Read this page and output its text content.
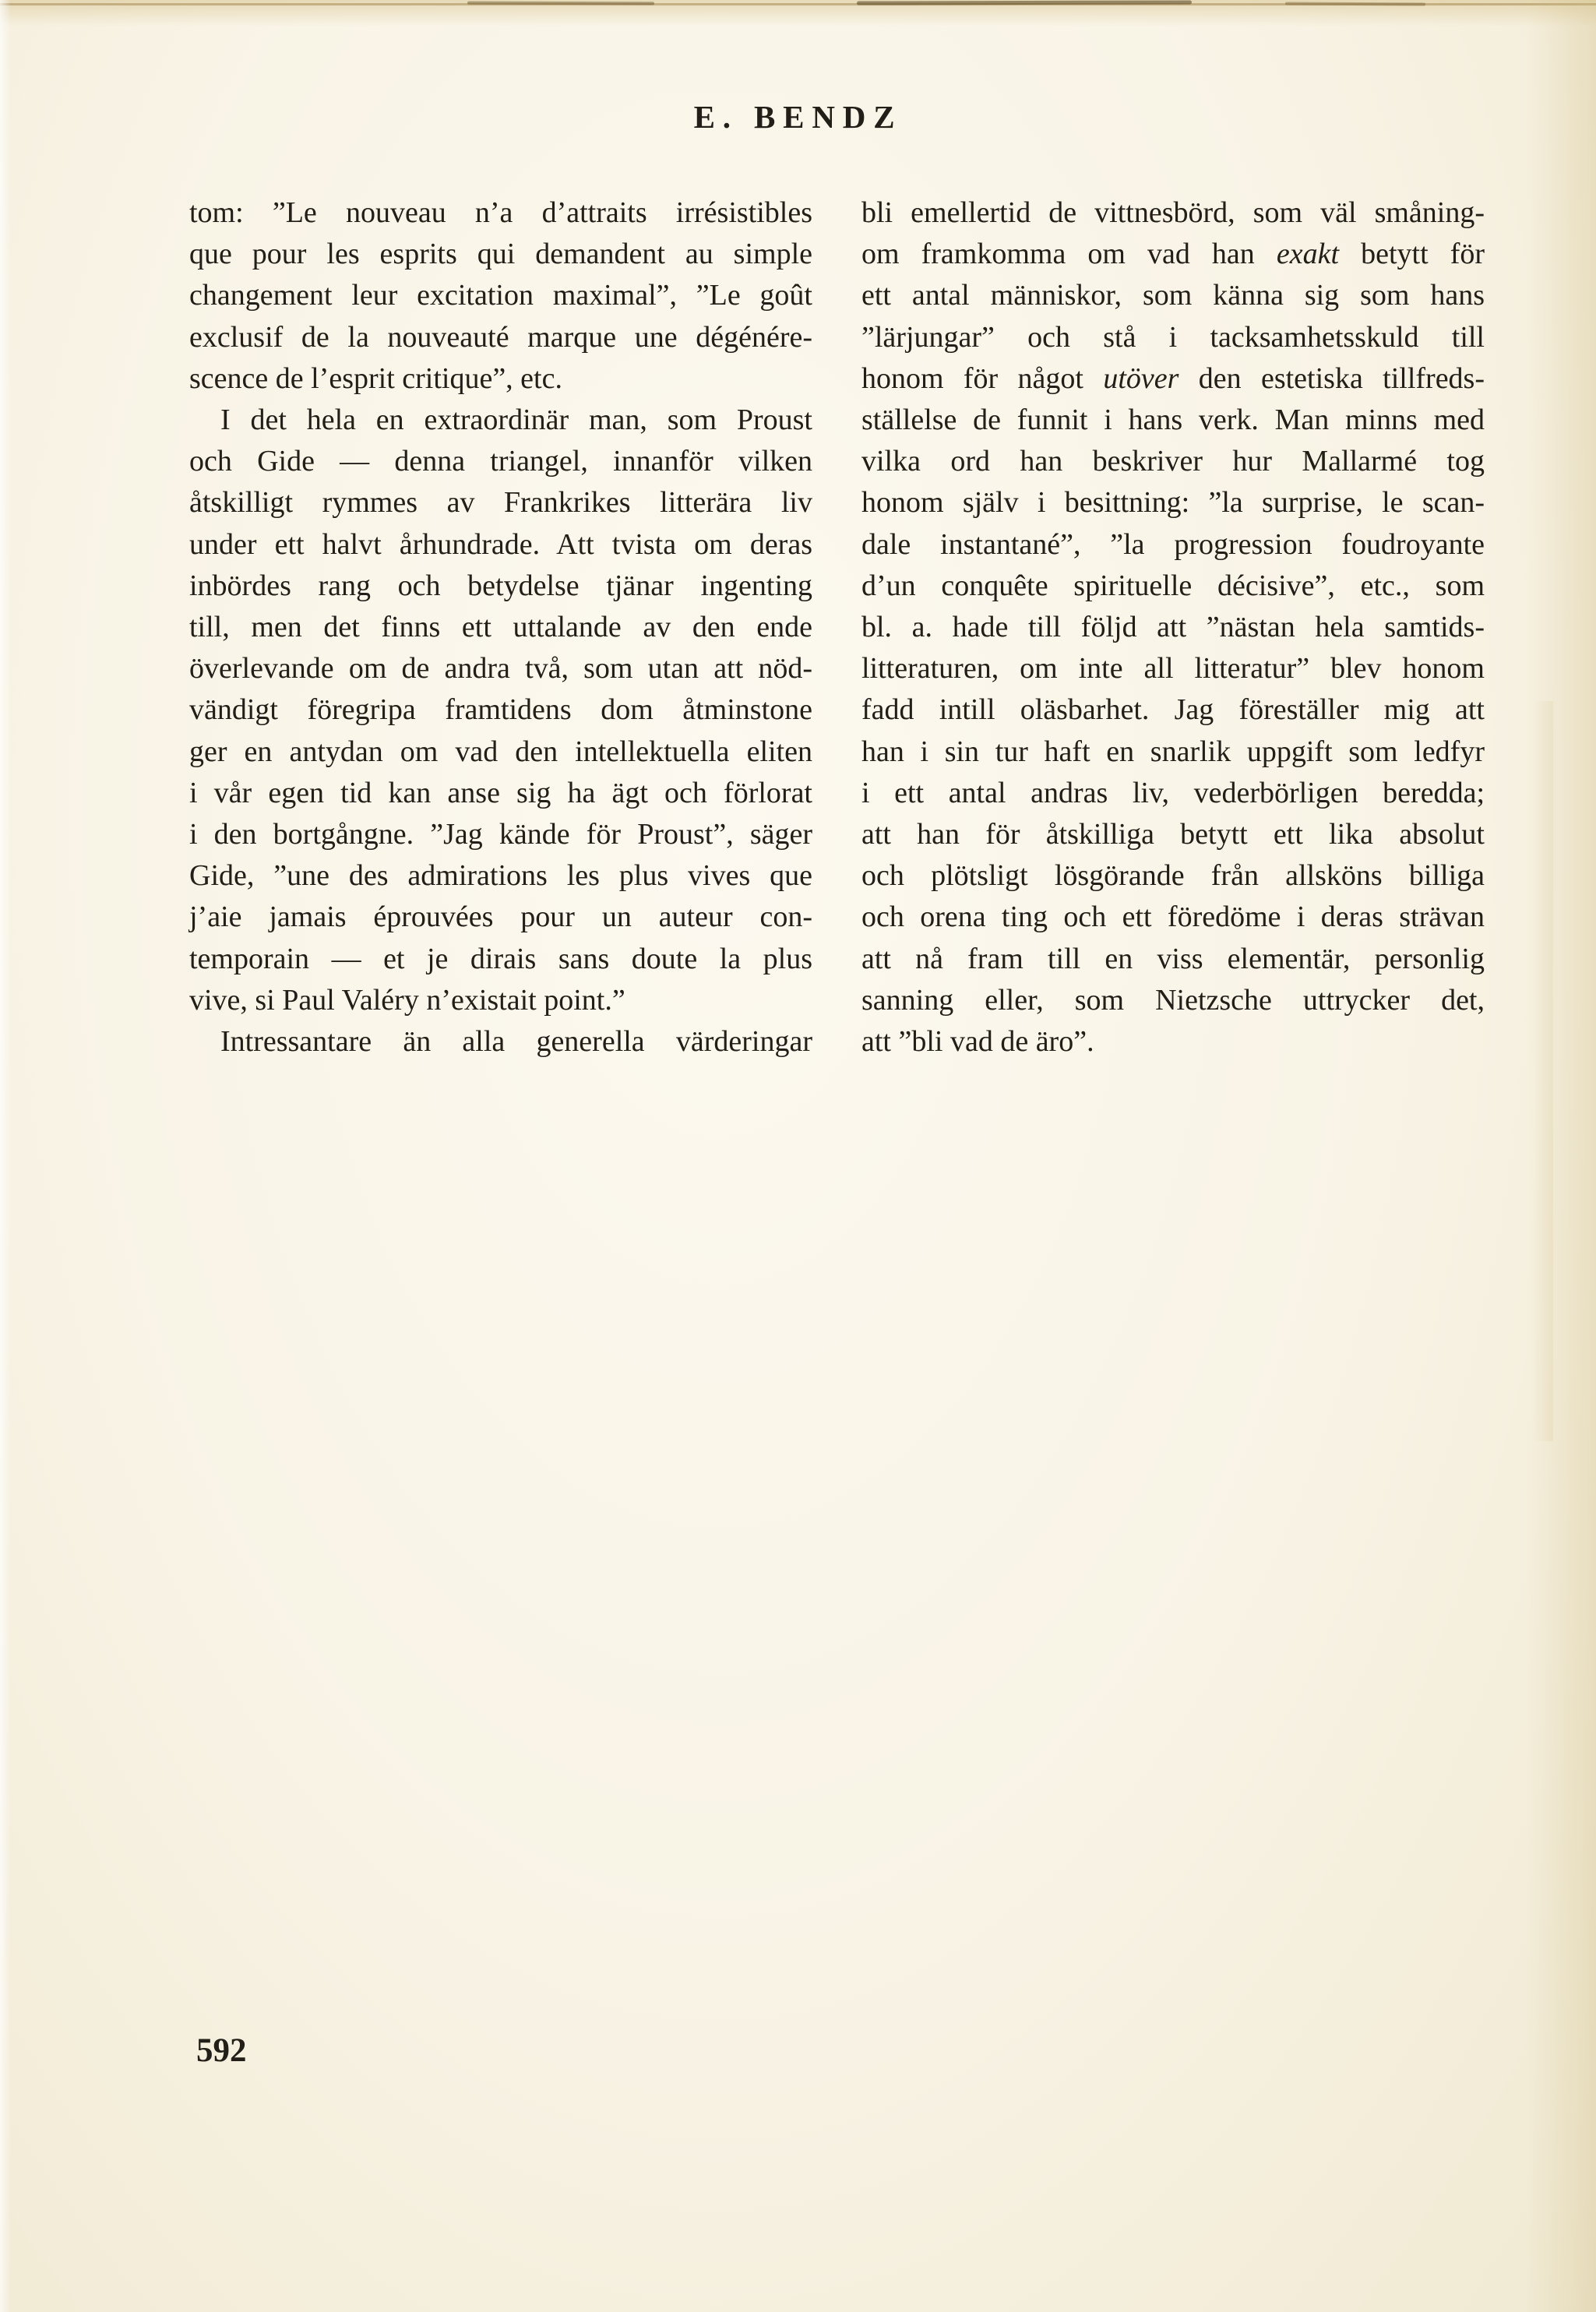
E. BENDZ
tom: ”Le nouveau n’a d’attraits irrésistibles
que pour les esprits qui demandent au simple
changement leur excitation maximal”, ”Le goût
exclusif de la nouveauté marque une dégénére-
scence de l’esprit critique”, etc.
I det hela en extraordinär man, som Proust
och Gide — denna triangel, innanför vilken
åtskilligt rymmes av Frankrikes litterära liv
under ett halvt århundrade. Att tvista om deras
inbördes rang och betydelse tjänar ingenting
till, men det finns ett uttalande av den ende
överlevande om de andra två, som utan att nöd-
vändigt föregripa framtidens dom åtminstone
ger en antydan om vad den intellektuella eliten
i vår egen tid kan anse sig ha ägt och förlorat
i den bortgångne. ”Jag kände för Proust”, säger
Gide, ”une des admirations les plus vives que
j’aie jamais éprouvées pour un auteur con-
temporain — et je dirais sans doute la plus
vive, si Paul Valéry n’existait point.”
Intressantare än alla generella värderingar
bli emellertid de vittnesbörd, som väl småning-
om framkomma om vad han exakt betytt för
ett antal människor, som känna sig som hans
”lärjungar” och stå i tacksamhetsskuld till
honom för något utöver den estetiska tillfreds-
ställelse de funnit i hans verk. Man minns med
vilka ord han beskriver hur Mallarmé tog
honom själv i besittning: ”la surprise, le scan-
dale instantané”, ”la progression foudroyante
d’un conquête spirituelle décisive”, etc., som
bl. a. hade till följd att ”nästan hela samtids-
litteraturen, om inte all litteratur” blev honom
fadd intill oläsbarhet. Jag föreställer mig att
han i sin tur haft en snarlik uppgift som ledfyr
i ett antal andras liv, vederbörligen beredda;
att han för åtskilliga betytt ett lika absolut
och plötsligt lösgörande från allsköns billiga
och orena ting och ett föredöme i deras strävan
att nå fram till en viss elementär, personlig
sanning eller, som Nietzsche uttrycker det,
att ”bli vad de äro”.
592
